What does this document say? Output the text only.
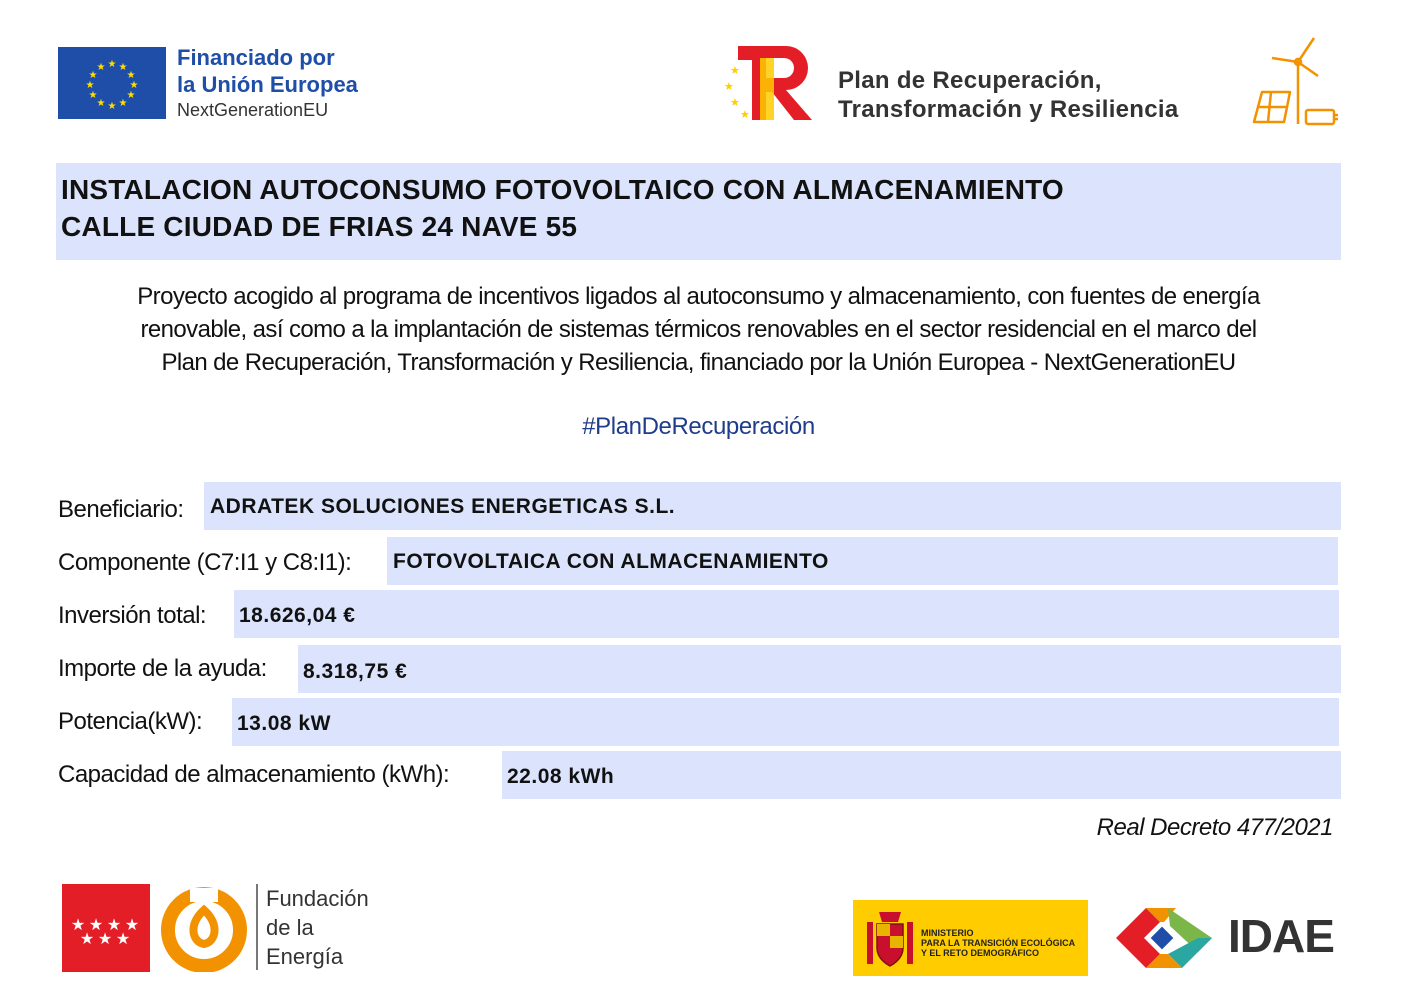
★ ★
★
★
★
★
★
★
★
★
★
★	Financiado por
la Unión Europea
NextGenerationEU
★
★
★
★
Plan de Recuperación,
Transformación y Resiliencia
INSTALACION AUTOCONSUMO FOTOVOLTAICO CON ALMACENAMIENTO
CALLE CIUDAD DE FRIAS 24 NAVE 55
Proyecto acogido al programa de incentivos ligados al autoconsumo y almacenamiento, con fuentes de energía
renovable, así como a la implantación de sistemas térmicos renovables en el sector residencial en el marco del
Plan de Recuperación, Transformación y Resiliencia, financiado por la Unión Europea - NextGenerationEU
#PlanDeRecuperación
Beneficiario: ADRATEK SOLUCIONES ENERGETICAS S.L.
Componente (C7:I1 y C8:I1): FOTOVOLTAICA CON ALMACENAMIENTO
Inversión total: 18.626,04 €
Importe de la ayuda: 8.318,75 €
Potencia(kW): 13.08 kW
Capacidad de almacenamiento (kWh):	22.08 kWh
Real Decreto 477/2021
★ ★ ★ ★
★ ★ ★
Fundación
de la
Energía
MINISTERIO
PARA LA TRANSICIÓN ECOLÓGICA
Y EL RETO DEMOGRÁFICO	IDAE
